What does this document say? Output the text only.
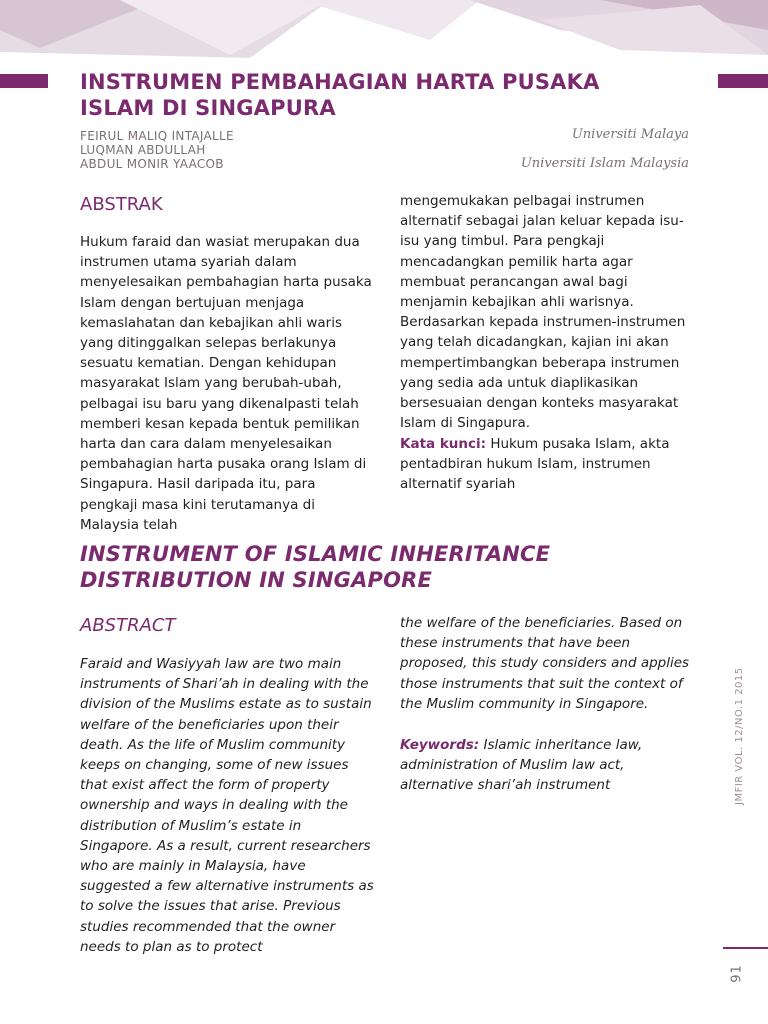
INSTRUMEN PEMBAHAGIAN HARTA PUSAKA
ISLAM DI SINGAPURA
FEIRUL MALIQ INTAJALLE
LUQMAN ABDULLAH
ABDUL MONIR YAACOB
Universiti Malaya
Universiti Islam Malaysia
ABSTRAK

Hukum faraid dan wasiat merupakan dua instrumen utama syariah dalam menyelesaikan pembahagian harta pusaka Islam dengan bertujuan menjaga kemaslahatan dan kebajikan ahli waris yang ditinggalkan selepas berlakunya sesuatu kematian. Dengan kehidupan masyarakat Islam yang berubah-ubah, pelbagai isu baru yang dikenalpasti telah memberi kesan kepada bentuk pemilikan harta dan cara dalam menyelesaikan pembahagian harta pusaka orang Islam di Singapura. Hasil daripada itu, para pengkaji masa kini terutamanya di Malaysia telah

mengemukakan pelbagai instrumen alternatif sebagai jalan keluar kepada isu-isu yang timbul. Para pengkaji mencadangkan pemilik harta agar membuat perancangan awal bagi menjamin kebajikan ahli warisnya. Berdasarkan kepada instrumen-instrumen yang telah dicadangkan, kajian ini akan mempertimbangkan beberapa instrumen yang sedia ada untuk diaplikasikan bersesuaian dengan konteks masyarakat Islam di Singapura.

Kata kunci: Hukum pusaka Islam, akta pentadbiran hukum Islam, instrumen alternatif syariah

INSTRUMENT OF ISLAMIC INHERITANCE
DISTRIBUTION IN SINGAPORE
ABSTRACT

Faraid and Wasiyyah law are two main instruments of Shari’ah in dealing with the division of the Muslims estate as to sustain welfare of the beneficiaries upon their death. As the life of Muslim community keeps on changing, some of new issues that exist affect the form of property ownership and ways in dealing with the distribution of Muslim’s estate in Singapore. As a result, current researchers who are mainly in Malaysia, have suggested a few alternative instruments as to solve the issues that arise. Previous studies recommended that the owner needs to plan as to protect

the welfare of the beneficiaries. Based on these instruments that have been proposed, this study considers and applies those instruments that suit the context of the Muslim community in Singapore.

Keywords: Islamic inheritance law, administration of Muslim law act, alternative shari’ah instrument	JMFIR VOL. 12/NO.1 2015
91
